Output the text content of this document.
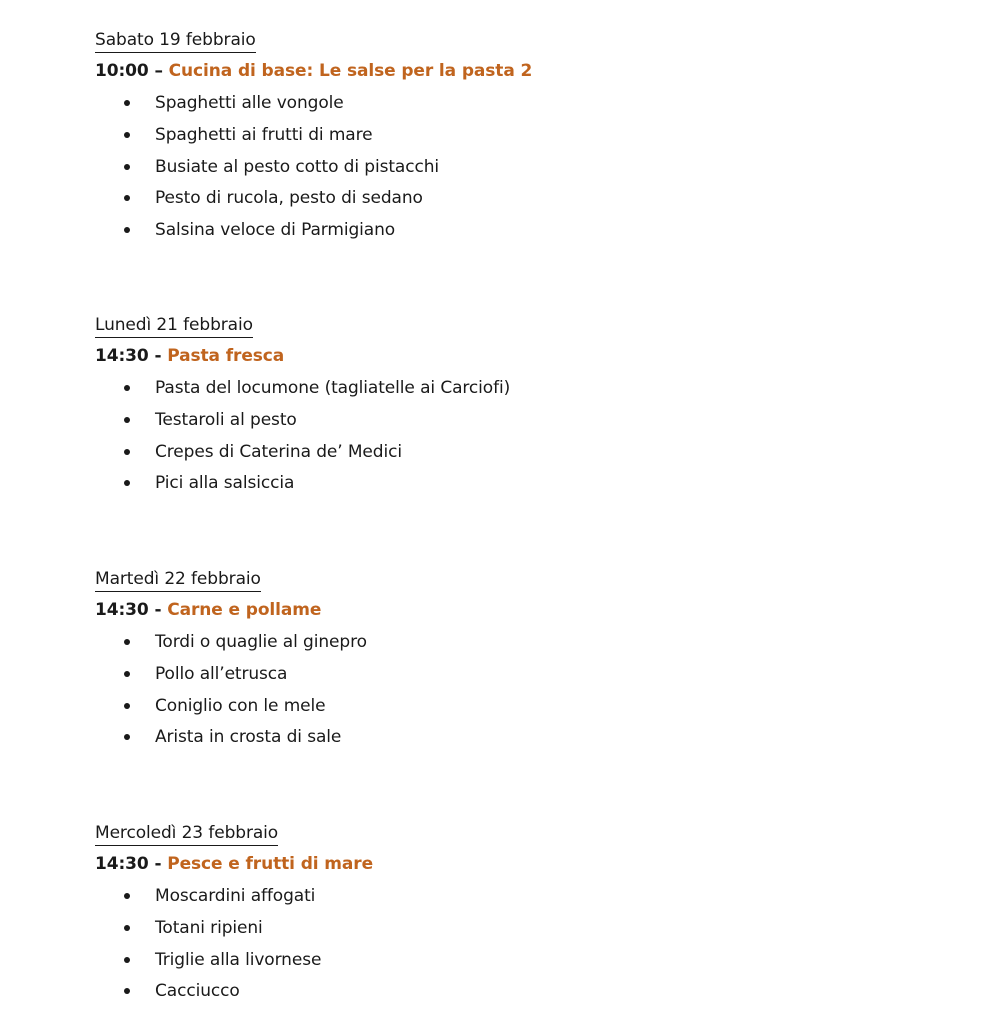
Sabato 19 febbraio
10:00 – Cucina di base: Le salse per la pasta 2
Spaghetti alle vongole
Spaghetti ai frutti di mare
Busiate al pesto cotto di pistacchi
Pesto di rucola, pesto di sedano
Salsina veloce di Parmigiano
Lunedì 21 febbraio
14:30 - Pasta fresca
Pasta del locumone (tagliatelle ai Carciofi)
Testaroli al pesto
Crepes di Caterina de’ Medici
Pici alla salsiccia
Martedì 22 febbraio
14:30 - Carne e pollame
Tordi o quaglie al ginepro
Pollo all’etrusca
Coniglio con le mele
Arista in crosta di sale
Mercoledì 23 febbraio
14:30 - Pesce e frutti di mare
Moscardini affogati
Totani ripieni
Triglie alla livornese
Cacciucco
